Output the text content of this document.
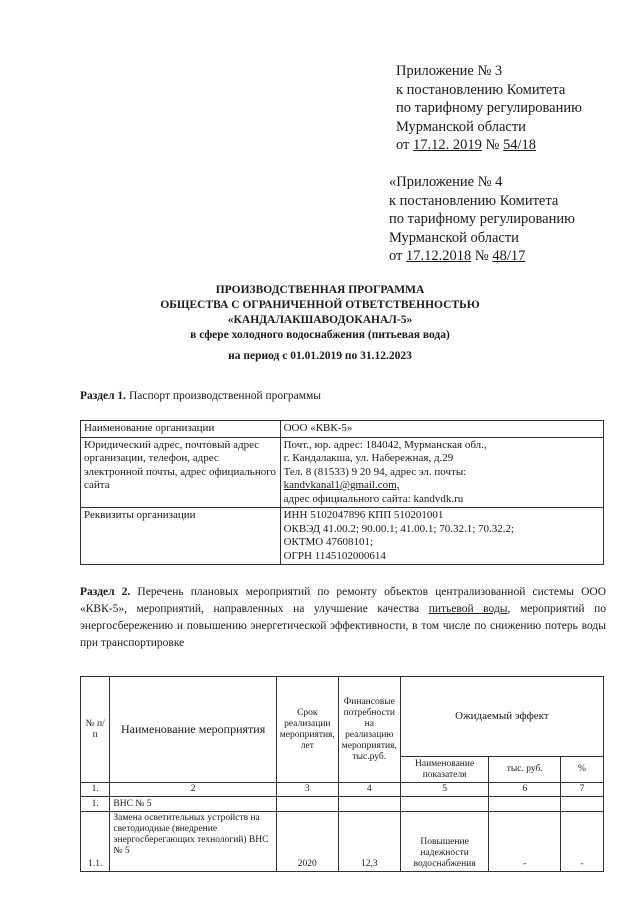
Приложение № 3
к постановлению Комитета
по тарифному регулированию
Мурманской области
от 17.12. 2019 № 54/18
«Приложение № 4
к постановлению Комитета
по тарифному регулированию
Мурманской области
от 17.12.2018 № 48/17
ПРОИЗВОДСТВЕННАЯ ПРОГРАММА
ОБЩЕСТВА С ОГРАНИЧЕННОЙ ОТВЕТСТВЕННОСТЬЮ
«КАНДАЛАКШАВОДОКАНАЛ-5»
в сфере холодного водоснабжения (питьевая вода)
на период с 01.01.2019 по 31.12.2023
Раздел 1. Паспорт производственной программы
Наименование организации	ООО «КВК-5»

Юридический адрес, почтовый адрес организации, телефон, адрес электронной почты, адрес официального сайта	Почт., юр. адрес: 184042, Мурманская обл.,
г. Кандалакша, ул. Набережная, д.29
Тел. 8 (81533) 9 20 94, адрес эл. почты:
kandvkanal1@gmail.com,
адрес официального сайта: kandvdk.ru

Реквизиты организации	ИНН 5102047896 КПП 510201001
ОКВЭД 41.00.2; 90.00.1; 41.00.1; 70.32.1; 70.32.2;
ОКТМО 47608101;
ОГРН 1145102000614
Раздел 2. Перечень плановых мероприятий по ремонту объектов централизованной системы ООО «КВК-5», мероприятий, направленных на улучшение качества питьевой воды, мероприятий по энергосбережению и повышению энергетической эффективности, в том числе по снижению потерь воды при транспортировке
№ п/п	Наименование мероприятия	Срок реализации мероприятия, лет	Финансовые потребности на реализацию мероприятия, тыс.руб.	Ожидаемый эффект		
				Наименование показателя	тыс. руб.	%
1.	2	3	4	5	6	7
1.	ВНС № 5					
1.1.	Замена осветительных устройств на светодиодные (внедрение энергосберегающих технологий) ВНС № 5	2020	12,3	Повышение надежности водоснабжения	-	-
